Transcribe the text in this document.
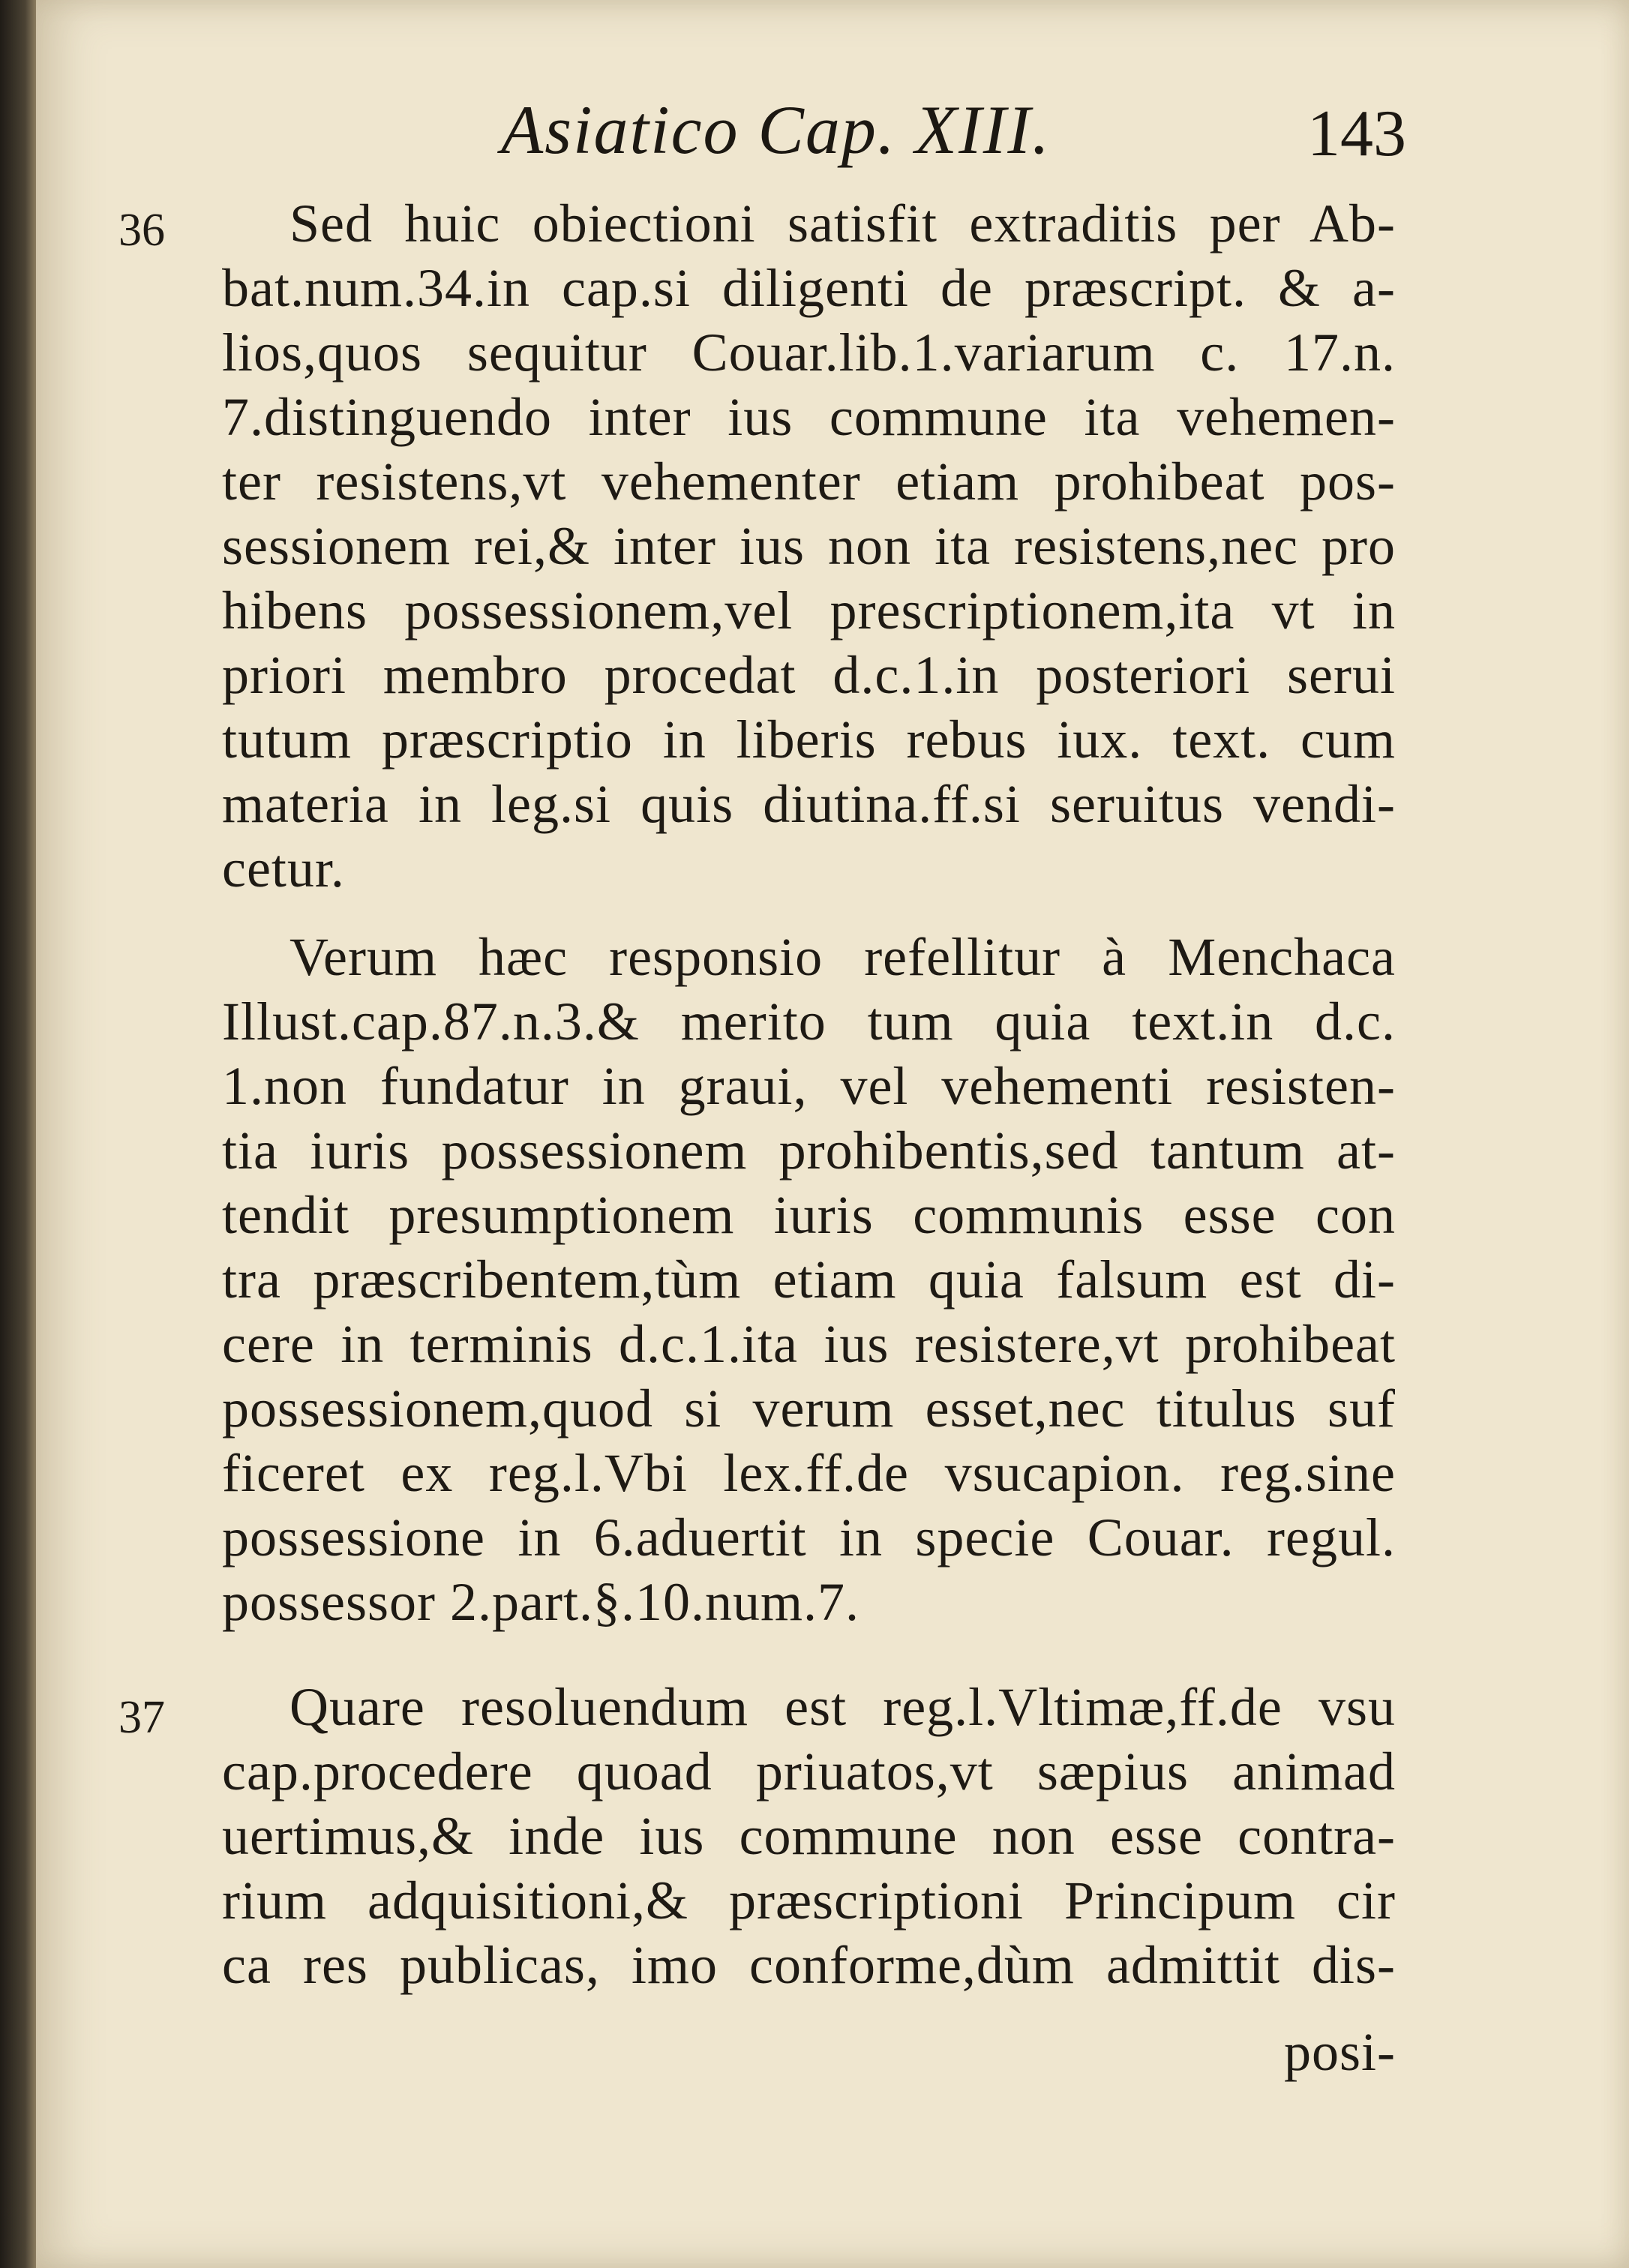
Asiatico Cap. XIII.	143
36
37
Sed huic obiectioni satisfit extraditis per Ab-
bat.num.34.in cap.si diligenti de præscript. & a-
lios,quos sequitur Couar.lib.1.variarum c. 17.n.
7.distinguendo inter ius commune ita vehemen-
ter resistens,vt vehementer etiam prohibeat pos-
sessionem rei,& inter ius non ita resistens,nec pro
hibens possessionem,vel prescriptionem,ita vt in
priori membro procedat d.c.1.in posteriori serui
tutum præscriptio in liberis rebus iux. text. cum
materia in leg.si quis diutina.ff.si seruitus vendi-
cetur.
Verum hæc responsio refellitur à Menchaca
Illust.cap.87.n.3.& merito tum quia text.in d.c.
1.non fundatur in graui, vel vehementi resisten-
tia iuris possessionem prohibentis,sed tantum at-
tendit presumptionem iuris communis esse con
tra præscribentem,tùm etiam quia falsum est di-
cere in terminis d.c.1.ita ius resistere,vt prohibeat
possessionem,quod si verum esset,nec titulus suf
ficeret ex reg.l.Vbi lex.ff.de vsucapion. reg.sine
possessione in 6.aduertit in specie Couar. regul.
possessor 2.part.§.10.num.7.
Quare resoluendum est reg.l.Vltimæ,ff.de vsu
cap.procedere quoad priuatos,vt sæpius animad
uertimus,& inde ius commune non esse contra-
rium adquisitioni,& præscriptioni Principum cir
ca res publicas, imo conforme,dùm admittit dis-
posi-
